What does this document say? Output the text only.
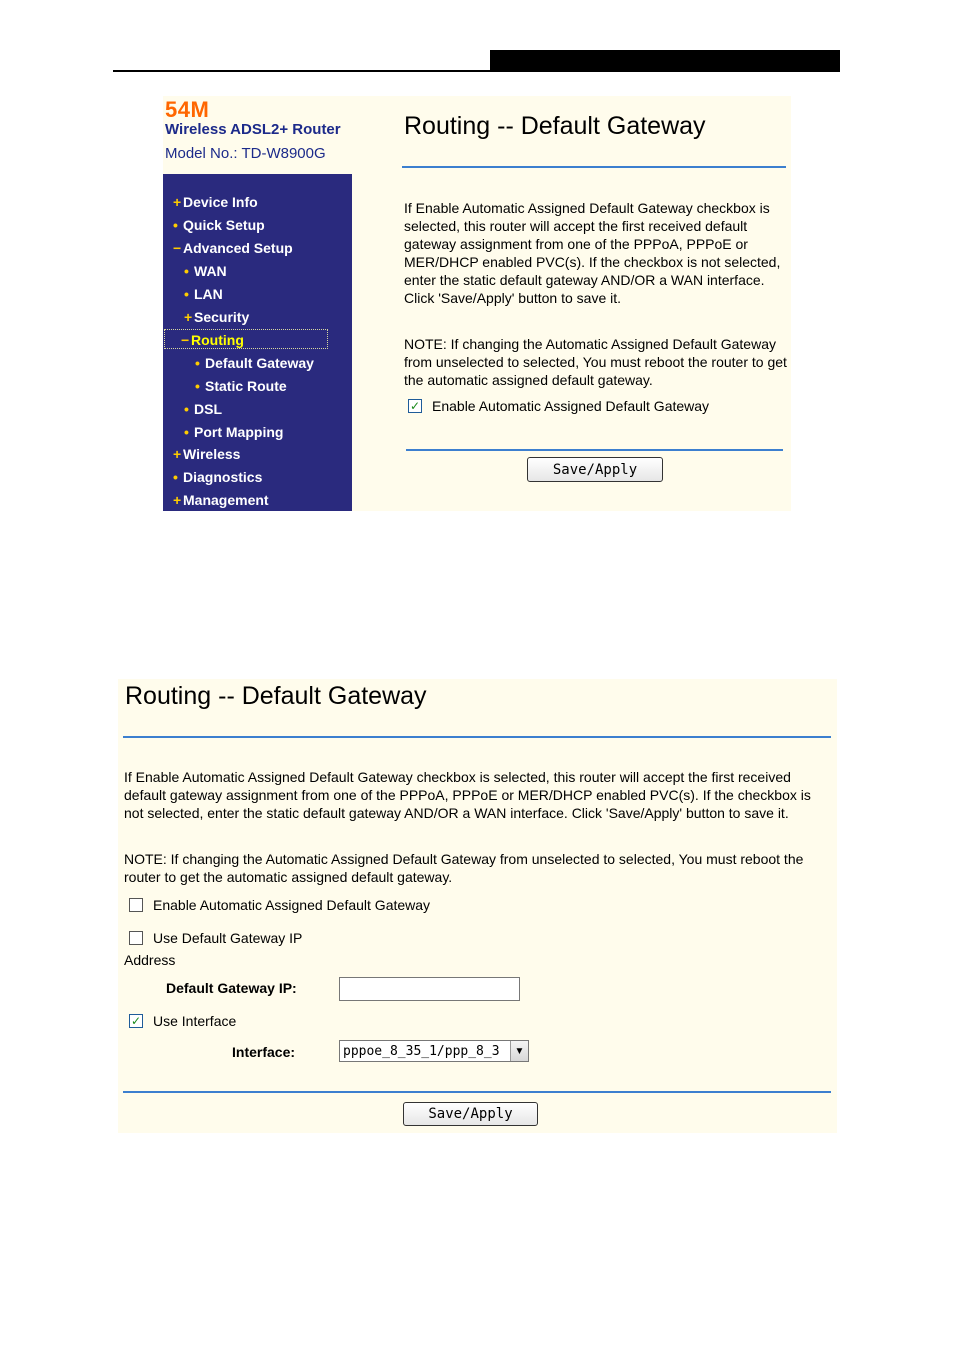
54M
Wireless ADSL2+ Router
Model No.: TD-W8900G
+ Device Info
• Quick Setup
− Advanced Setup
• WAN
• LAN
+ Security
− Routing
• Default Gateway
• Static Route
• DSL
• Port Mapping
+ Wireless
• Diagnostics
+ Management
Routing -- Default Gateway
If Enable Automatic Assigned Default Gateway checkbox is selected, this router will accept the first received default gateway assignment from one of the PPPoA, PPPoE or MER/DHCP enabled PVC(s). If the checkbox is not selected, enter the static default gateway AND/OR a WAN interface. Click 'Save/Apply' button to save it.
NOTE: If changing the Automatic Assigned Default Gateway from unselected to selected, You must reboot the router to get the automatic assigned default gateway.
✓ Enable Automatic Assigned Default Gateway
Save/Apply
Routing -- Default Gateway
If Enable Automatic Assigned Default Gateway checkbox is selected, this router will accept the first received default gateway assignment from one of the PPPoA, PPPoE or MER/DHCP enabled PVC(s). If the checkbox is not selected, enter the static default gateway AND/OR a WAN interface. Click 'Save/Apply' button to save it.
NOTE: If changing the Automatic Assigned Default Gateway from unselected to selected, You must reboot the router to get the automatic assigned default gateway.
Enable Automatic Assigned Default Gateway
Use Default Gateway IP
Address
Default Gateway IP:
✓ Use Interface
Interface:	pppoe_8_35_1/ppp_8_3	▼
Save/Apply
